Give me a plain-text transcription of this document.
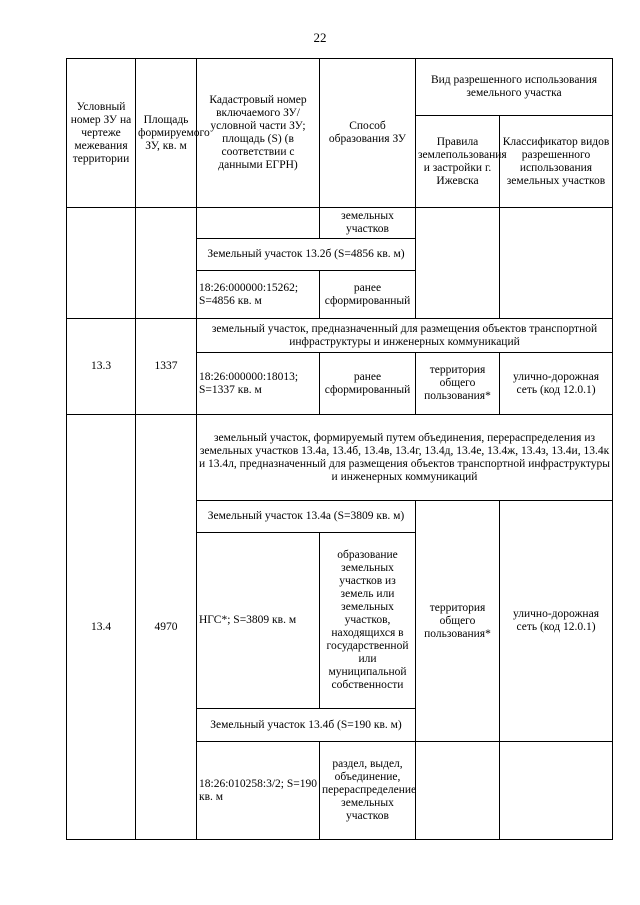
22
Условный номер ЗУ на чертеже межевания территории	Площадь формируемого ЗУ, кв. м	Кадастровый номер включаемого ЗУ/ условной части ЗУ; площадь (S) (в соответствии с данными ЕГРН)	Способ образования ЗУ	Вид разрешенного использования земельного участка	
				Правила землепользования и застройки г. Ижевска	Классификатор видов разрешенного использования земельных участков
			земельных участков		
		Земельный участок 13.2б (S=4856 кв. м)			
		18:26:000000:15262; S=4856 кв. м	ранее сформированный		
13.3	1337	земельный участок, предназначенный для размещения объектов транспортной инфраструктуры и инженерных коммуникаций			
		18:26:000000:18013; S=1337 кв. м	ранее сформированный	территория общего пользования*	улично-дорожная сеть (код 12.0.1)
13.4	4970	земельный участок, формируемый путем объединения, перераспределения из земельных участков 13.4а, 13.4б, 13.4в, 13.4г, 13.4д, 13.4е, 13.4ж, 13.4з, 13.4и, 13.4к и 13.4л, предназначенный для размещения объектов транспортной инфраструктуры и инженерных коммуникаций			
		Земельный участок 13.4а (S=3809 кв. м)		территория общего пользования*	улично-дорожная сеть (код 12.0.1)
		НГС*; S=3809 кв. м	образование земельных участков из земель или земельных участков, находящихся в государственной или муниципальной собственности		
		Земельный участок 13.4б (S=190 кв. м)			
		18:26:010258:3/2; S=190 кв. м	раздел, выдел, объединение, перераспределение земельных участков		
